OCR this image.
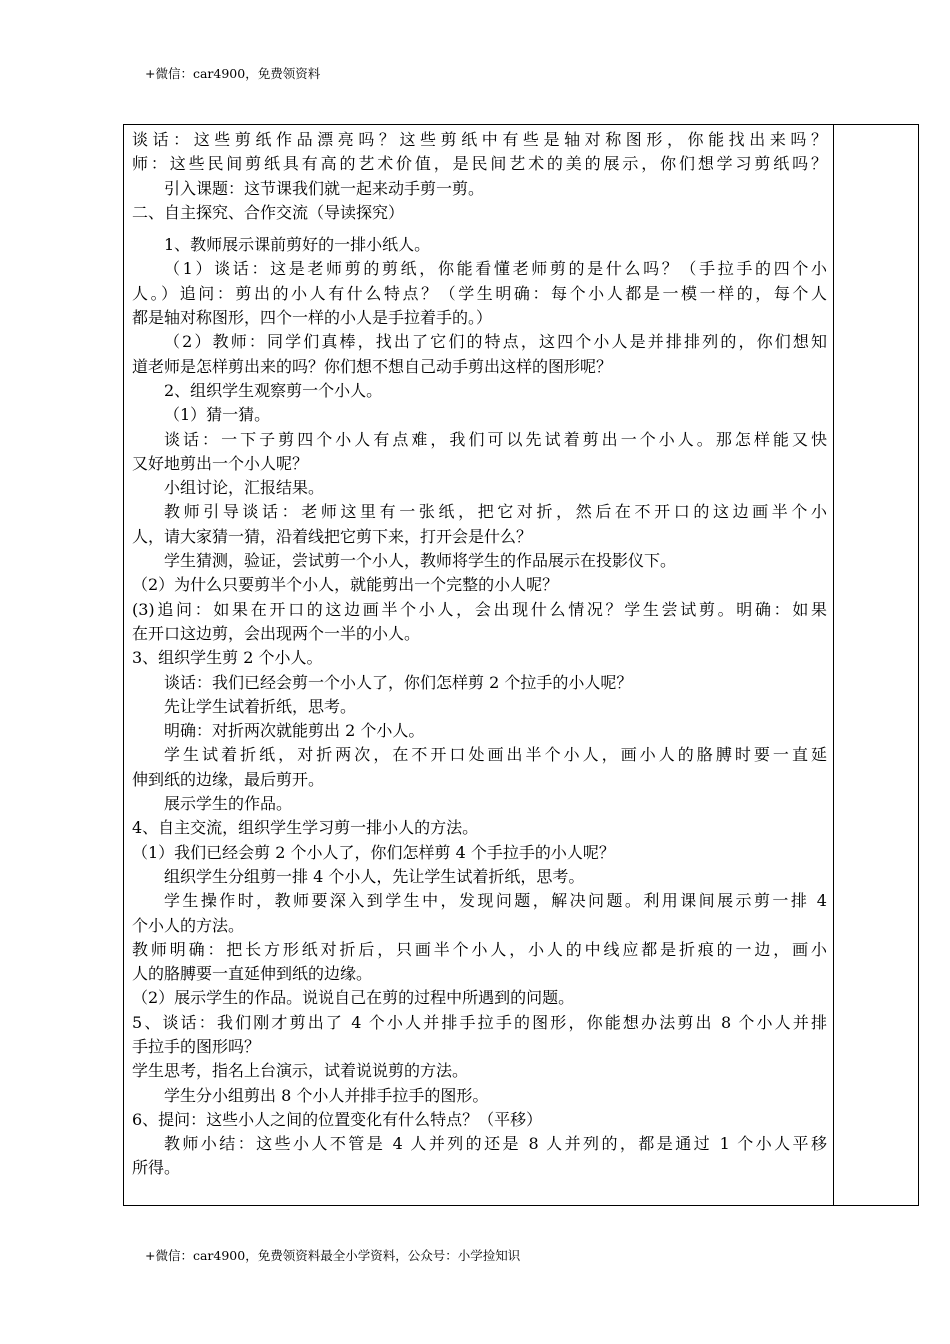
+微信：car4900，免费领资料
谈话：这些剪纸作品漂亮吗？这些剪纸中有些是轴对称图形，你能找出来吗？
师：这些民间剪纸具有高的艺术价值，是民间艺术的美的展示，你们想学习剪纸吗？
引入课题：这节课我们就一起来动手剪一剪。
二、自主探究、合作交流（导读探究）
1、教师展示课前剪好的一排小纸人。
（1）谈话：这是老师剪的剪纸，你能看懂老师剪的是什么吗？（手拉手的四个小
人。）追问：剪出的小人有什么特点？（学生明确：每个小人都是一模一样的，每个人
都是轴对称图形，四个一样的小人是手拉着手的。）
（2）教师：同学们真棒，找出了它们的特点，这四个小人是并排排列的，你们想知
道老师是怎样剪出来的吗？你们想不想自己动手剪出这样的图形呢？
2、组织学生观察剪一个小人。
（1）猜一猜。
谈话：一下子剪四个小人有点难，我们可以先试着剪出一个小人。那怎样能又快
又好地剪出一个小人呢？
小组讨论，汇报结果。
教师引导谈话：老师这里有一张纸，把它对折，然后在不开口的这边画半个小
人，请大家猜一猜，沿着线把它剪下来，打开会是什么？
学生猜测，验证，尝试剪一个小人，教师将学生的作品展示在投影仪下。
（2）为什么只要剪半个小人，就能剪出一个完整的小人呢？
(3)追问：如果在开口的这边画半个小人，会出现什么情况？学生尝试剪。明确：如果
在开口这边剪，会出现两个一半的小人。
3、组织学生剪 2 个小人。
谈话：我们已经会剪一个小人了，你们怎样剪 2 个拉手的小人呢？
先让学生试着折纸，思考。
明确：对折两次就能剪出 2 个小人。
学生试着折纸，对折两次，在不开口处画出半个小人，画小人的胳膊时要一直延
伸到纸的边缘，最后剪开。
展示学生的作品。
4、自主交流，组织学生学习剪一排小人的方法。
（1）我们已经会剪 2 个小人了，你们怎样剪 4 个手拉手的小人呢？
组织学生分组剪一排 4 个小人，先让学生试着折纸，思考。
学生操作时，教师要深入到学生中，发现问题，解决问题。利用课间展示剪一排 4
个小人的方法。
教师明确：把长方形纸对折后，只画半个小人，小人的中线应都是折痕的一边，画小
人的胳膊要一直延伸到纸的边缘。
（2）展示学生的作品。说说自己在剪的过程中所遇到的问题。
5、谈话：我们刚才剪出了 4 个小人并排手拉手的图形，你能想办法剪出 8 个小人并排
手拉手的图形吗？
学生思考，指名上台演示，试着说说剪的方法。
学生分小组剪出 8 个小人并排手拉手的图形。
6、提问：这些小人之间的位置变化有什么特点？（平移）
教师小结：这些小人不管是 4 人并列的还是 8 人并列的，都是通过 1 个小人平移
所得。
+微信：car4900，免费领资料最全小学资料，公众号：小学捡知识
